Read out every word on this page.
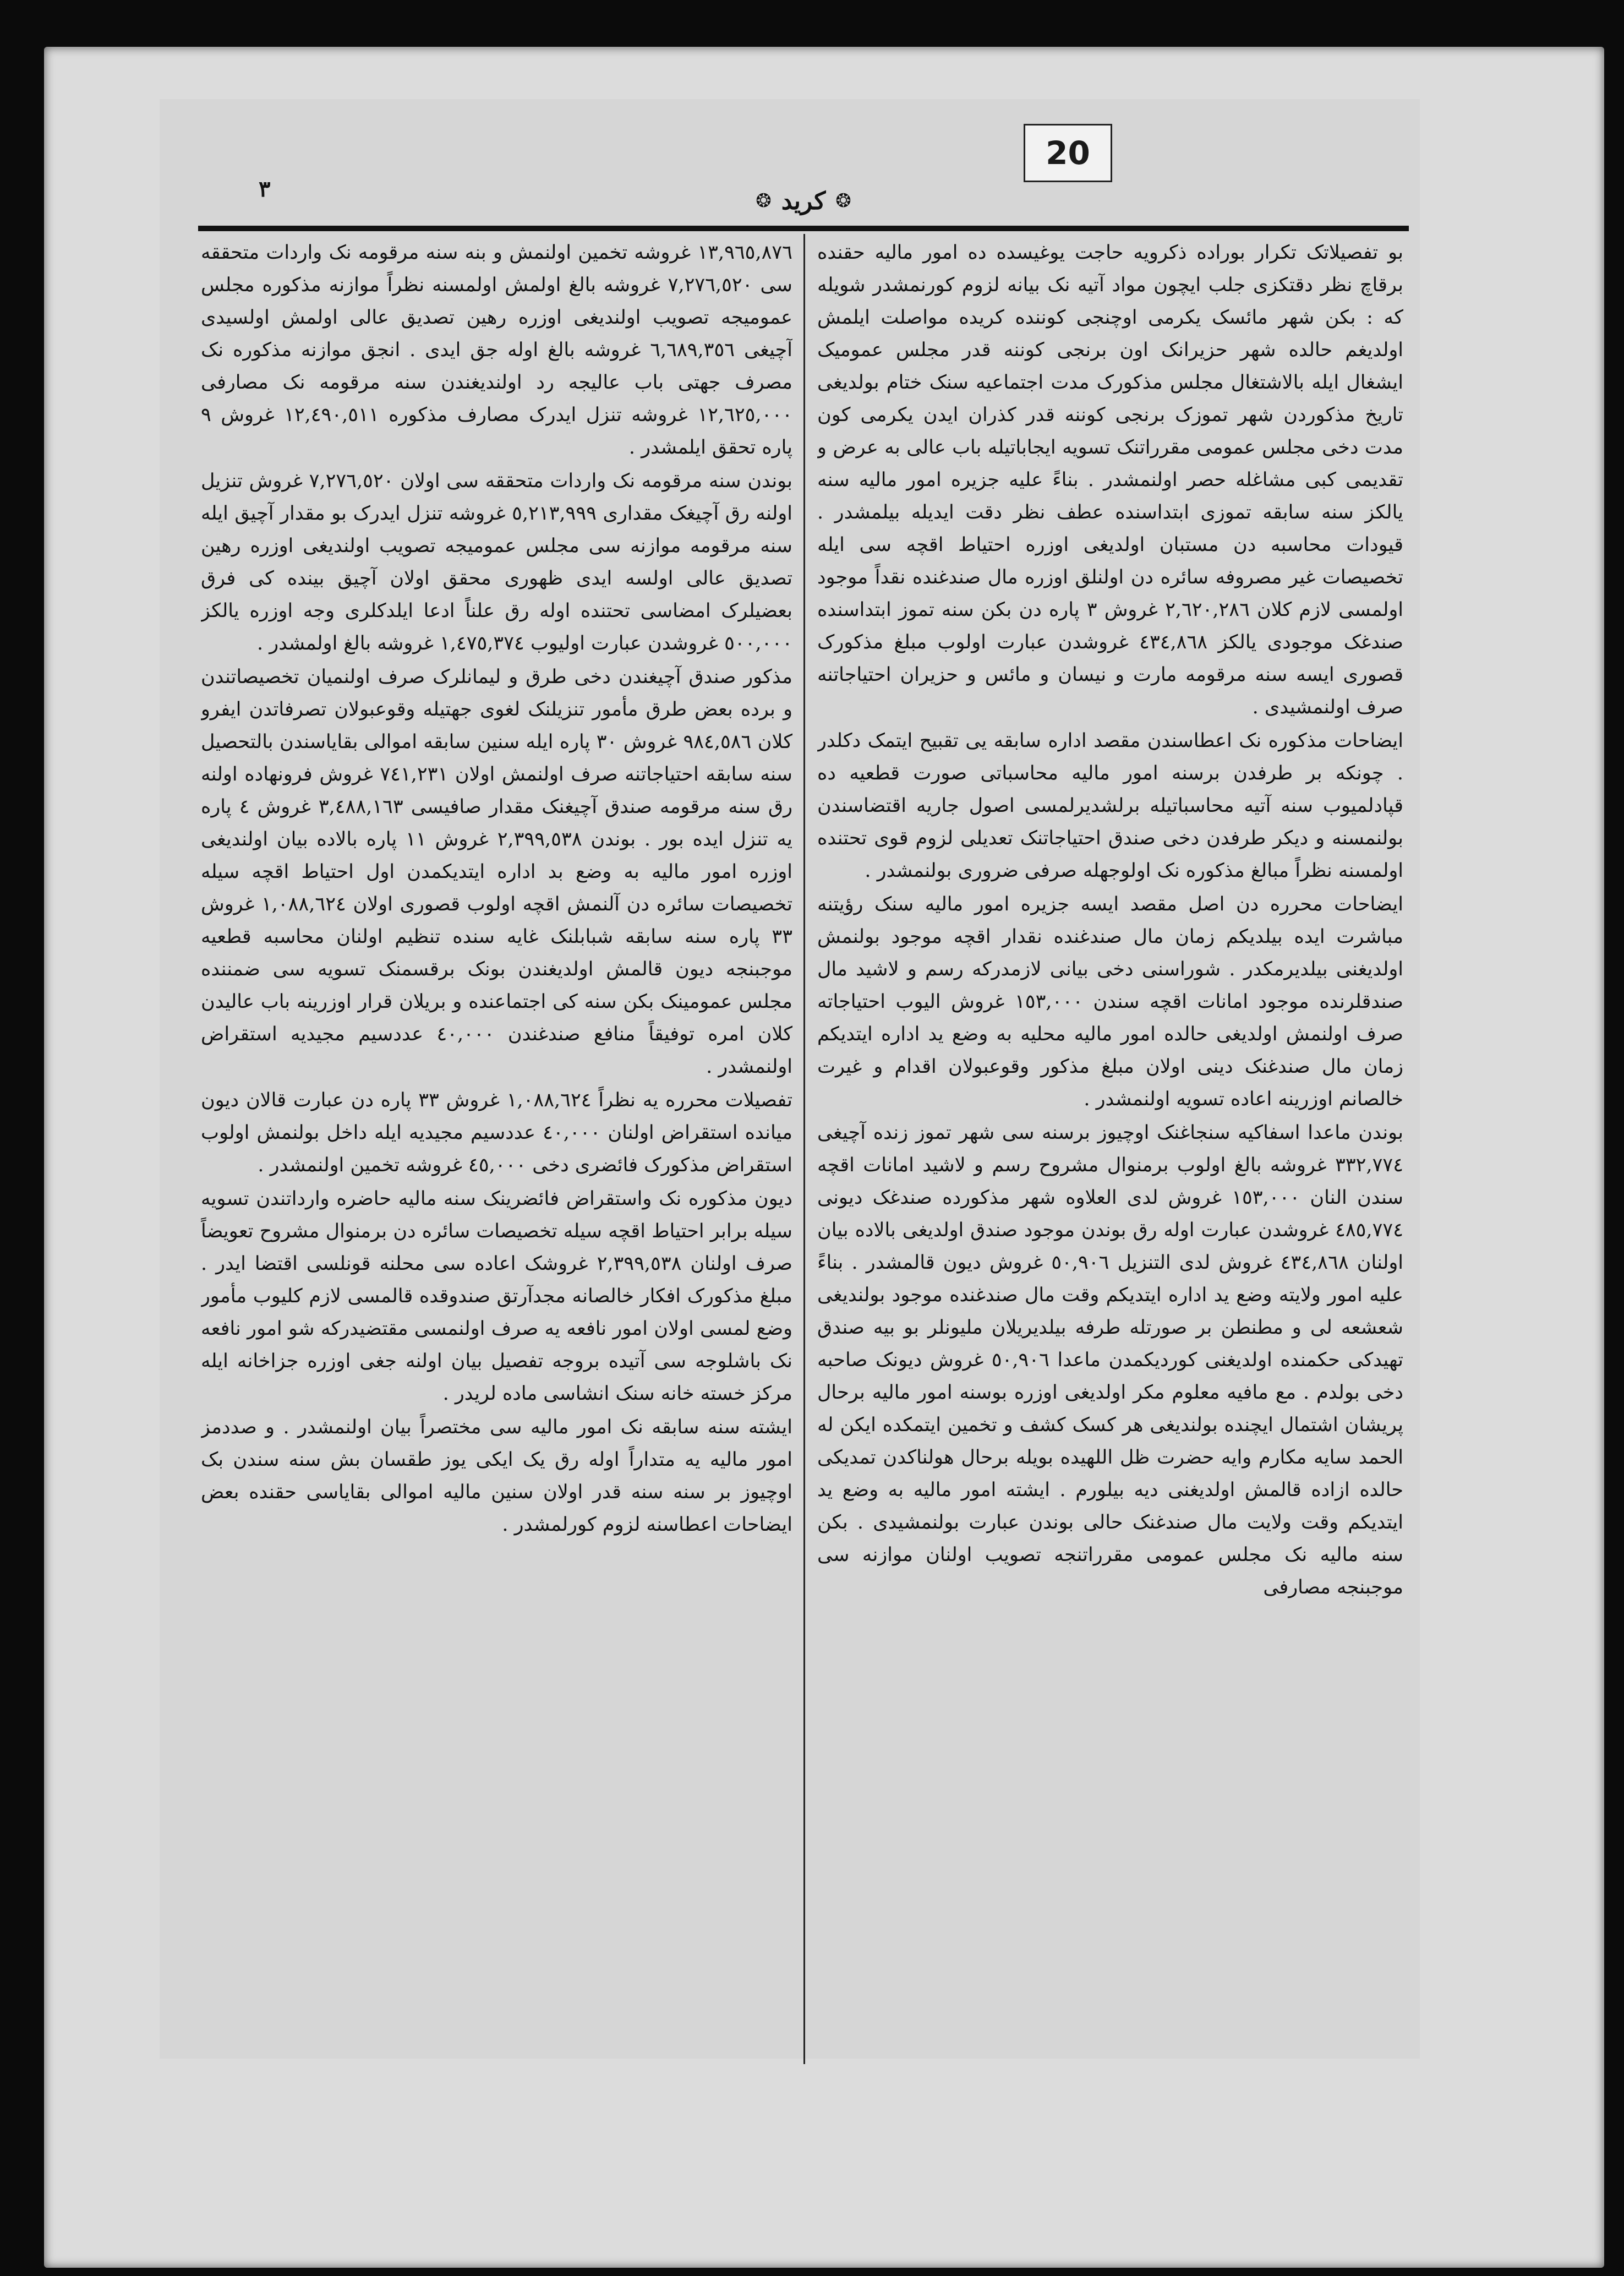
20
٣	❂ کرید ❂

بو تفصیلاتک تکرار بوراده ذکرویه حاجت یوغیسده ده امور مالیه حقنده برقاچ نظر دقتکزی جلب ایچون مواد آتیه نک بیانه لزوم کورنمشدر شویله که : بکن شهر مائسک یکرمی اوچنجی کوننده کریده مواصلت ایلمش اولدیغم حالده شهر حزیرانک اون برنجی کوننه قدر مجلس عمومیک ایشغال ایله بالاشتغال مجلس مذکورک مدت اجتماعیه سنک ختام بولدیغی تاریخ مذکوردن شهر تموزک برنجی کوننه قدر کذران ایدن یکرمی کون مدت دخی مجلس عمومی مقرراتنک تسویه ایجاباتیله باب عالی به عرض و تقدیمی کبی مشاغله حصر اولنمشدر . بناءً علیه جزیره امور مالیه سنه یالکز سنه سابقه تموزی ابتداسنده عطف نظر دقت ایدیله بیلمشدر . قیودات محاسبه دن مستبان اولدیغی اوزره احتیاط اقچه سی ایله تخصیصات غیر مصروفه سائره دن اولنلق اوزره مال صندغنده نقداً موجود اولمسی لازم کلان ٢,٦٢٠,٢٨٦ غروش ٣ پاره دن بکن سنه تموز ابتداسنده صندغک موجودی یالکز ٤٣٤,٨٦٨ غروشدن عبارت اولوب مبلغ مذکورک قصوری ایسه سنه مرقومه مارت و نیسان و مائس و حزیران احتیاجاتنه صرف اولنمشیدی .

ایضاحات مذکوره نک اعطاسندن مقصد اداره سابقه یی تقبیح ایتمک دکلدر . چونکه بر طرفدن برسنه امور مالیه محاسباتی صورت قطعیه ده قپادلمیوب سنه آتیه محاسباتیله برلشدیرلمسی اصول جاریه اقتضاسندن بولنمسنه و دیکر طرفدن دخی صندق احتیاجاتنک تعدیلی لزوم قوی تحتنده اولمسنه نظراً مبالغ مذکوره نک اولوجهله صرفی ضروری بولنمشدر .

ایضاحات محرره دن اصل مقصد ایسه جزیره امور مالیه سنک رؤیتنه مباشرت ایده بیلدیکم زمان مال صندغنده نقدار اقچه موجود بولنمش اولدیغنی بیلدیرمکدر . شوراسنی دخی بیانی لازمدرکه رسم و لاشید مال صندقلرنده موجود امانات اقچه سندن ١٥٣,٠٠٠ غروش الیوب احتیاجاته صرف اولنمش اولدیغی حالده امور مالیه محلیه به وضع ید اداره ایتدیکم زمان مال صندغنک دینی اولان مبلغ مذکور وقوعبولان اقدام و غیرت خالصانم اوزرینه اعاده تسویه اولنمشدر .

بوندن ماعدا اسفاکیه سنجاغنک اوچیوز برسنه سی شهر تموز زنده آچیغی ٣٣٢,٧٧٤ غروشه بالغ اولوب برمنوال مشروح رسم و لاشید امانات اقچه سندن النان ١٥٣,٠٠٠ غروش لدی العلاوه شهر مذکورده صندغک دیونی ٤٨٥,٧٧٤ غروشدن عبارت اوله رق بوندن موجود صندق اولدیغی بالاده بیان اولنان ٤٣٤,٨٦٨ غروش لدی التنزیل ٥٠,٩٠٦ غروش دیون قالمشدر . بناءً علیه امور ولایته وضع ید اداره ایتدیکم وقت مال صندغنده موجود بولندیغی شعشعه لی و مطنطن بر صورتله طرفه بیلدیریلان ملیونلر بو بیه صندق تهیدکی حکمنده اولدیغنی کوردیکمدن ماعدا ٥٠,٩٠٦ غروش دیونک صاحبه دخی بولدم . مع مافیه معلوم مکر اولدیغی اوزره بوسنه امور مالیه برحال پریشان اشتمال ایچنده بولندیغی هر کسک کشف و تخمین ایتمکده ایکن له الحمد سایه مکارم وایه حضرت ظل اللهیده بویله برحال هولناکدن تمدیکی حالده ازاده قالمش اولدیغنی دیه بیلورم . ایشته امور مالیه به وضع ید ایتدیکم وقت ولایت مال صندغنک حالی بوندن عبارت بولنمشیدی . بکن سنه مالیه نک مجلس عمومی مقرراتنجه تصویب اولنان موازنه سی موجبنجه مصارفی

١٣,٩٦٥,٨٧٦ غروشه تخمین اولنمش و بنه سنه مرقومه نک واردات متحققه سی ٧,٢٧٦,٥٢٠ غروشه بالغ اولمش اولمسنه نظراً موازنه مذکوره مجلس عمومیجه تصویب اولندیغی اوزره رهین تصدیق عالی اولمش اولسیدی آچیغی ٦,٦٨٩,٣٥٦ غروشه بالغ اوله جق ایدی . انجق موازنه مذکوره نک مصرف جهتی باب عالیجه رد اولندیغندن سنه مرقومه نک مصارفی ١٢,٦٢٥,٠٠٠ غروشه تنزل ایدرک مصارف مذکوره ١٢,٤٩٠,٥١١ غروش ٩ پاره تحقق ایلمشدر .

بوندن سنه مرقومه نک واردات متحققه سی اولان ٧,٢٧٦,٥٢٠ غروش تنزیل اولنه رق آچیغک مقداری ٥,٢١٣,٩٩٩ غروشه تنزل ایدرک بو مقدار آچیق ایله سنه مرقومه موازنه سی مجلس عمومیجه تصویب اولندیغی اوزره رهین تصدیق عالی اولسه ایدی ظهوری محقق اولان آچیق بینده کی فرق بعضیلرک امضاسی تحتنده اوله رق علناً ادعا ایلدکلری وجه اوزره یالکز ٥٠٠,٠٠٠ غروشدن عبارت اولیوب ١,٤٧٥,٣٧٤ غروشه بالغ اولمشدر .

مذکور صندق آچیغندن دخی طرق و لیمانلرک صرف اولنمیان تخصیصاتندن و برده بعض طرق مأمور تنزیلنک لغوی جهتیله وقوعبولان تصرفاتدن ایفرو کلان ٩٨٤,٥٨٦ غروش ٣٠ پاره ایله سنین سابقه اموالی بقایاسندن بالتحصیل سنه سابقه احتیاجاتنه صرف اولنمش اولان ٧٤١,٢٣١ غروش فرونهاده اولنه رق سنه مرقومه صندق آچیغنک مقدار صافیسی ٣,٤٨٨,١٦٣ غروش ٤ پاره یه تنزل ایده بور . بوندن ٢,٣٩٩,٥٣٨ غروش ١١ پاره بالاده بیان اولندیغی اوزره امور مالیه به وضع بد اداره ایتدیکمدن اول احتیاط اقچه سیله تخصیصات سائره دن آلنمش اقچه اولوب قصوری اولان ١,٠٨٨,٦٢٤ غروش ٣٣ پاره سنه سابقه شبابلنک غایه سنده تنظیم اولنان محاسبه قطعیه موجبنجه دیون قالمش اولدیغندن بونک برقسمنک تسویه سی ضمننده مجلس عمومینک بکن سنه کی اجتماعنده و بریلان قرار اوزرینه باب عالیدن کلان امره توفیقاً منافع صندغندن ٤٠,٠٠٠ عددسیم مجیدیه استقراض اولنمشدر .

تفصیلات محرره یه نظراً ١,٠٨٨,٦٢٤ غروش ٣٣ پاره دن عبارت قالان دیون میانده استقراض اولنان ٤٠,٠٠٠ عددسیم مجیدیه ایله داخل بولنمش اولوب استقراض مذکورک فائضری دخی ٤٥,٠٠٠ غروشه تخمین اولنمشدر .

دیون مذکوره نک واستقراض فائضرینک سنه مالیه حاضره وارداتندن تسویه سیله برابر احتیاط اقچه سیله تخصیصات سائره دن برمنوال مشروح تعویضاً صرف اولنان ٢,٣٩٩,٥٣٨ غروشک اعاده سی محلنه قونلسی اقتضا ایدر . مبلغ مذکورک افکار خالصانه مجدآرتق صندوقده قالمسی لازم کلیوب مأمور وضع لمسی اولان امور نافعه یه صرف اولنمسی مقتضیدرکه شو امور نافعه نک باشلوجه سی آتیده بروجه تفصیل بیان اولنه جغی اوزره جزاخانه ایله مرکز خسته خانه سنک انشاسی ماده لریدر .

ایشته سنه سابقه نک امور مالیه سی مختصراً بیان اولنمشدر . و صددمز امور مالیه یه متداراً اوله رق یک ایکی یوز طقسان بش سنه سندن بک اوچیوز بر سنه سنه قدر اولان سنین مالیه اموالی بقایاسی حقنده بعض ایضاحات اعطاسنه لزوم کورلمشدر .
